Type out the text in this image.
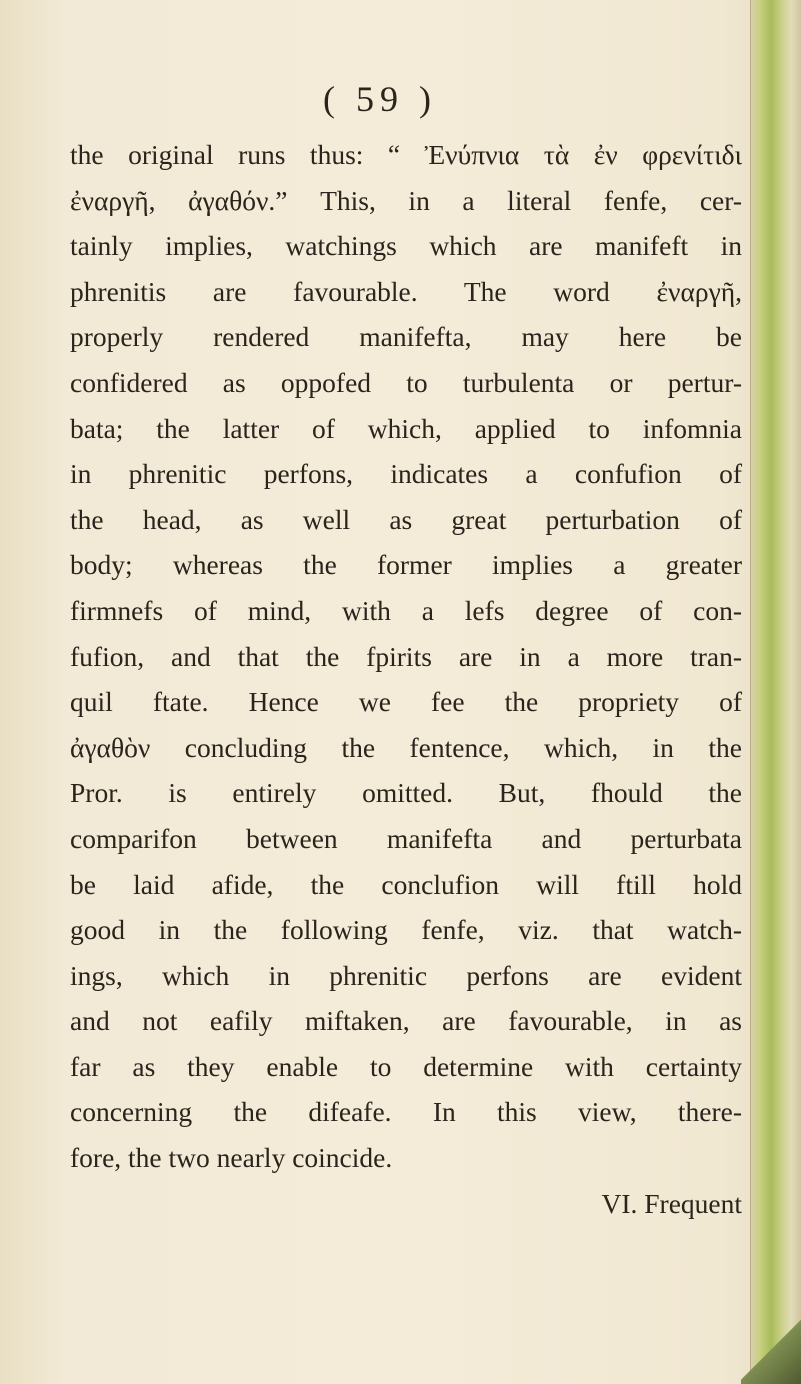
( 59 )
the original runs thus: “ Ἐνύπνια τὰ ἐν φρενίτιδι
ἐναργῆ, ἀγαθόν.” This, in a literal fenfe, cer-
tainly implies, watchings which are manifeft in
phrenitis are favourable. The word ἐναργῆ,
properly rendered manifefta, may here be
confidered as oppofed to turbulenta or pertur-
bata; the latter of which, applied to infomnia
in phrenitic perfons, indicates a confufion of
the head, as well as great perturbation of
body; whereas the former implies a greater
firmnefs of mind, with a lefs degree of con-
fufion, and that the fpirits are in a more tran-
quil ftate. Hence we fee the propriety of
ἀγαθὸν concluding the fentence, which, in the
Pror. is entirely omitted. But, fhould the
comparifon between manifefta and perturbata
be laid afide, the conclufion will ftill hold
good in the following fenfe, viz. that watch-
ings, which in phrenitic perfons are evident
and not eafily miftaken, are favourable, in as
far as they enable to determine with certainty
concerning the difeafe. In this view, there-
fore, the two nearly coincide.
VI. Frequent
